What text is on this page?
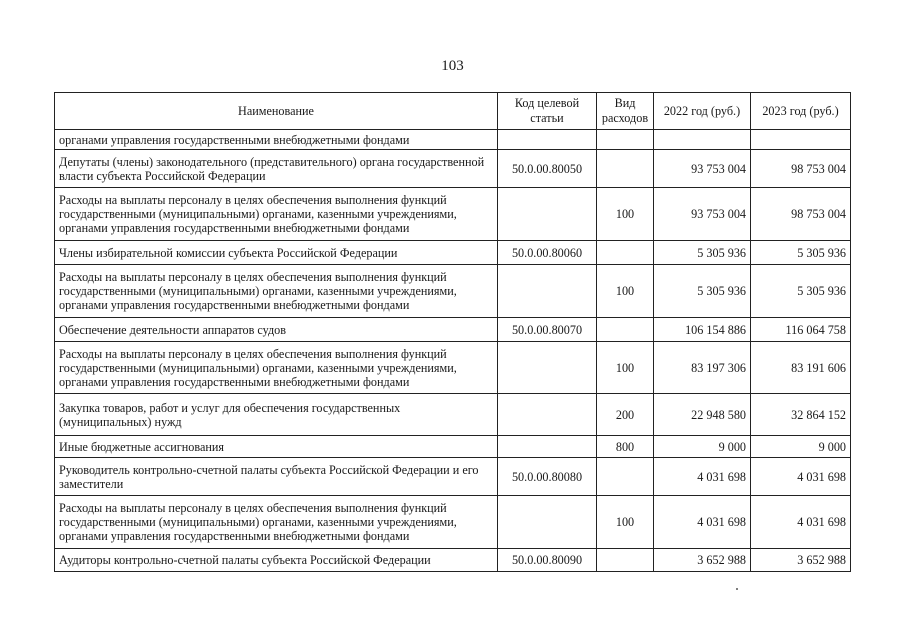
103
Наименование	Код целевой статьи	Вид расходов	2022 год (руб.)	2023 год (руб.)
органами управления государственными внебюджетными фондами				
Депутаты (члены) законодательного (представительного) органа государственной власти субъекта Российской Федерации	50.0.00.80050		93 753 004	98 753 004
Расходы на выплаты персоналу в целях обеспечения выполнения функций государственными (муниципальными) органами, казенными учреждениями, органами управления государственными внебюджетными фондами		100	93 753 004	98 753 004
Члены избирательной комиссии субъекта Российской Федерации	50.0.00.80060		5 305 936	5 305 936
Расходы на выплаты персоналу в целях обеспечения выполнения функций государственными (муниципальными) органами, казенными учреждениями, органами управления государственными внебюджетными фондами		100	5 305 936	5 305 936
Обеспечение деятельности аппаратов судов	50.0.00.80070		106 154 886	116 064 758
Расходы на выплаты персоналу в целях обеспечения выполнения функций государственными (муниципальными) органами, казенными учреждениями, органами управления государственными внебюджетными фондами		100	83 197 306	83 191 606
Закупка товаров, работ и услуг для обеспечения государственных (муниципальных) нужд		200	22 948 580	32 864 152
Иные бюджетные ассигнования		800	9 000	9 000
Руководитель контрольно-счетной палаты субъекта Российской Федерации и его заместители	50.0.00.80080		4 031 698	4 031 698
Расходы на выплаты персоналу в целях обеспечения выполнения функций государственными (муниципальными) органами, казенными учреждениями, органами управления государственными внебюджетными фондами		100	4 031 698	4 031 698
Аудиторы контрольно-счетной палаты субъекта Российской Федерации	50.0.00.80090		3 652 988	3 652 988
